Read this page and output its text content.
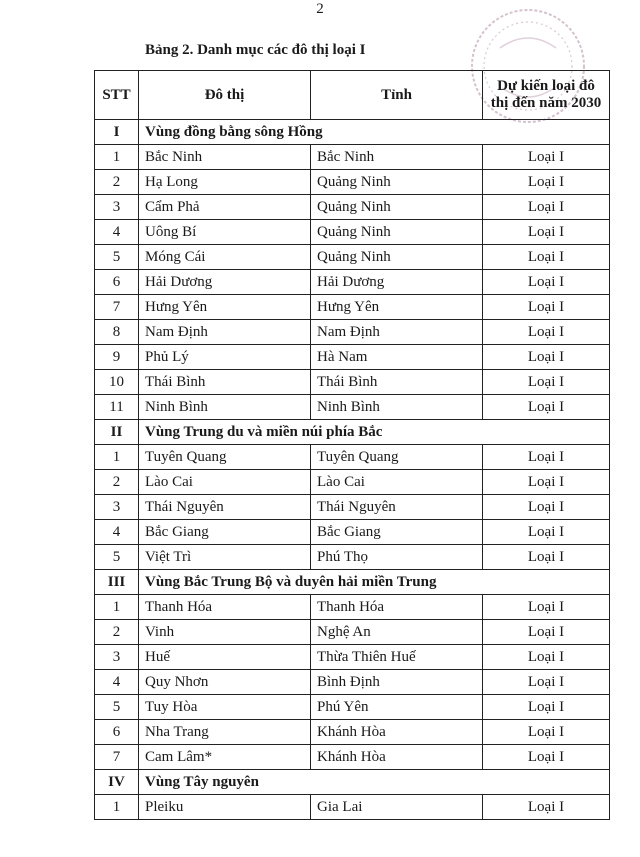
2
Bảng 2. Danh mục các đô thị loại I
STT	Đô thị	Tỉnh	Dự kiến loại đô thị đến năm 2030
I	Vùng đồng bằng sông Hồng		
1	Bắc Ninh	Bắc Ninh	Loại I
2	Hạ Long	Quảng Ninh	Loại I
3	Cẩm Phả	Quảng Ninh	Loại I
4	Uông Bí	Quảng Ninh	Loại I
5	Móng Cái	Quảng Ninh	Loại I
6	Hải Dương	Hải Dương	Loại I
7	Hưng Yên	Hưng Yên	Loại I
8	Nam Định	Nam Định	Loại I
9	Phủ Lý	Hà Nam	Loại I
10	Thái Bình	Thái Bình	Loại I
11	Ninh Bình	Ninh Bình	Loại I
II	Vùng Trung du và miền núi phía Bắc		
1	Tuyên Quang	Tuyên Quang	Loại I
2	Lào Cai	Lào Cai	Loại I
3	Thái Nguyên	Thái Nguyên	Loại I
4	Bắc Giang	Bắc Giang	Loại I
5	Việt Trì	Phú Thọ	Loại I
III	Vùng Bắc Trung Bộ và duyên hải miền Trung		
1	Thanh Hóa	Thanh Hóa	Loại I
2	Vinh	Nghệ An	Loại I
3	Huế	Thừa Thiên Huế	Loại I
4	Quy Nhơn	Bình Định	Loại I
5	Tuy Hòa	Phú Yên	Loại I
6	Nha Trang	Khánh Hòa	Loại I
7	Cam Lâm*	Khánh Hòa	Loại I
IV	Vùng Tây nguyên		
1	Pleiku	Gia Lai	Loại I
